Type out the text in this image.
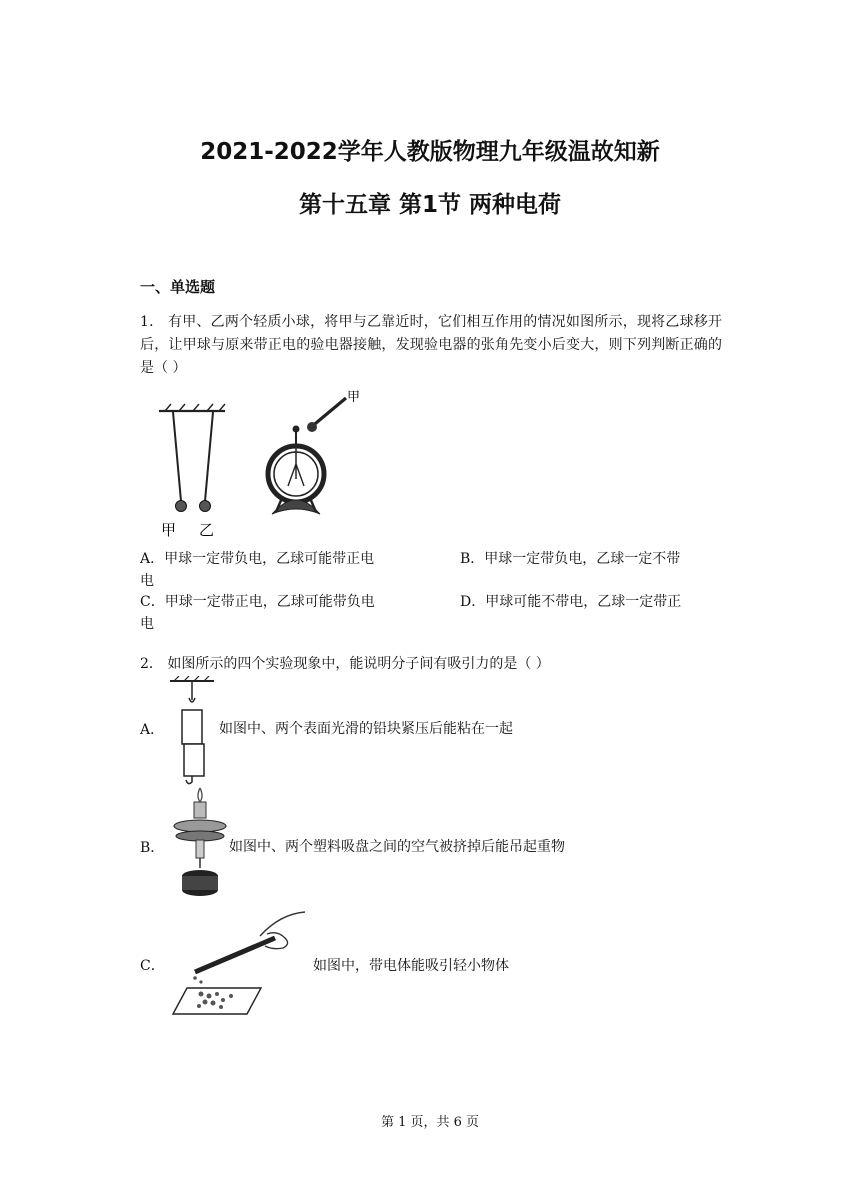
2021-2022学年人教版物理九年级温故知新
第十五章 第1节 两种电荷
一、单选题
1． 有甲、乙两个轻质小球，将甲与乙靠近时，它们相互作用的情况如图所示，现将乙球移开后，让甲球与原来带正电的验电器接触，发现验电器的张角先变小后变大，则下列判断正确的是（ ）
甲 乙
甲
A．甲球一定带负电，乙球可能带正电	B．甲球一定带负电，乙球一定不带
电
C．甲球一定带正电，乙球可能带负电	D．甲球可能不带电，乙球一定带正
电
2． 如图所示的四个实验现象中，能说明分子间有吸引力的是（ ）
A．	如图中、两个表面光滑的铅块紧压后能粘在一起
B．	如图中、两个塑料吸盘之间的空气被挤掉后能吊起重物
C．	如图中，带电体能吸引轻小物体
第 1 页，共 6 页
